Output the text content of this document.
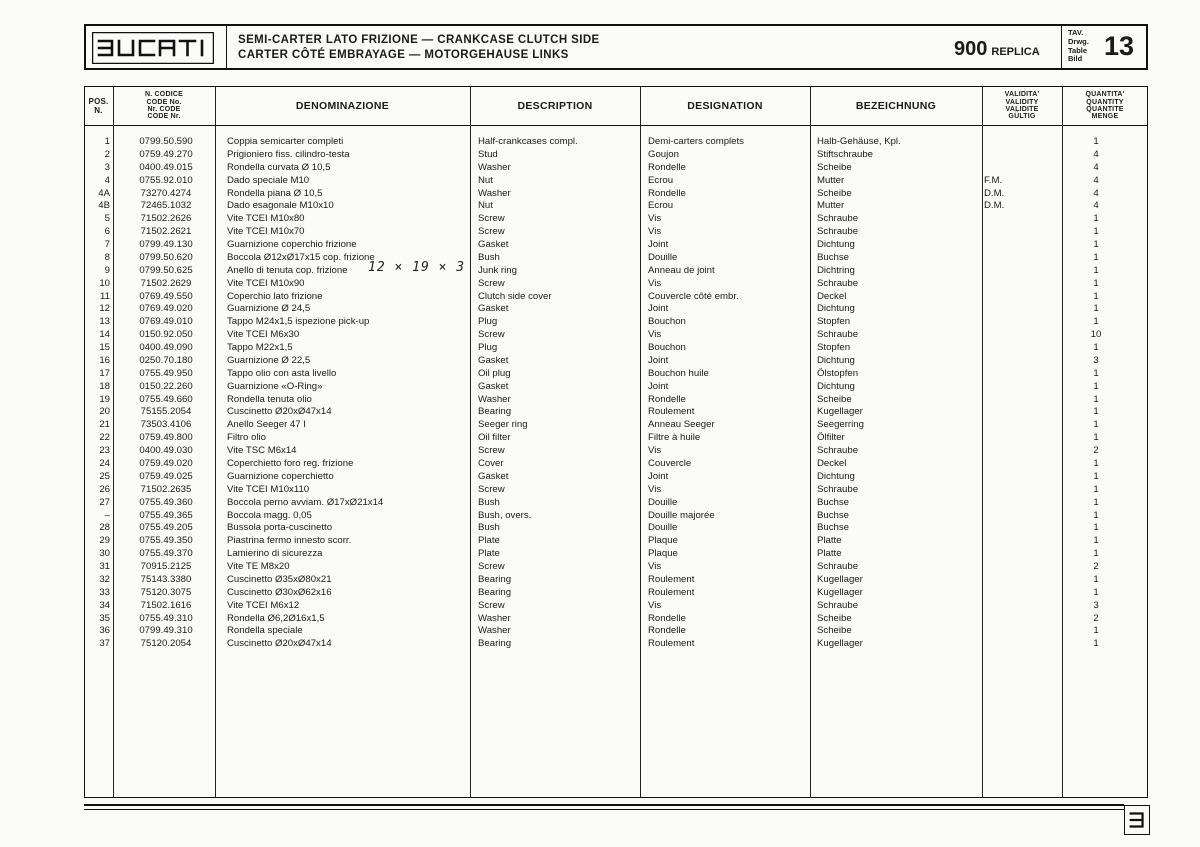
SEMI-CARTER LATO FRIZIONE — CRANKCASE CLUTCH SIDE
CARTER CÔTÉ EMBRAYAGE — MOTORGEHAUSE LINKS	900 REPLICA
TAV.
Drwg.
Table
Bild 13
POS.
N.
N. CODICE
CODE No.
Nr. CODE
CODE Nr.
DENOMINAZIONE	DESCRIPTION	DESIGNATION	BEZEICHNUNG
VALIDITA'
VALIDITY
VALIDITE
GÜLTIG
QUANTITA'
QUANTITY
QUANTITE
MENGE
1	0799.50.590	Coppia semicarter completi	Half-crankcases compl.	Demi-carters complets	Halb-Gehäuse, Kpl.	1
2	0759.49.270	Prigioniero fiss. cilindro-testa	Stud	Goujon	Stiftschraube	4
3	0400.49.015	Rondella curvata Ø 10,5	Washer	Rondelle	Scheibe	4
4	0755.92.010	Dado speciale M10	Nut	Ecrou	Mutter	F.M.	4
4A	73270.4274	Rondella piana Ø 10,5	Washer	Rondelle	Scheibe	D.M.	4
4B	72465.1032	Dado esagonale M10x10	Nut	Ecrou	Mutter	D.M.	4
5	71502.2626	Vite TCEI M10x80	Screw	Vis	Schraube	1
6	71502.2621	Vite TCEI M10x70	Screw	Vis	Schraube	1
7	0799.49.130	Guarnizione coperchio frizione	Gasket	Joint	Dichtung	1
8	0799.50.620	Boccola Ø12xØ17x15 cop. frizione	Bush	Douille	Buchse	1
9	0799.50.625	Anello di tenuta cop. frizione	Junk ring	Anneau de joint	Dichtring	1
10	71502.2629	Vite TCEI M10x90	Screw	Vis	Schraube	1
11	0769.49.550	Coperchio lato frizione	Clutch side cover	Couvercle côté embr.	Deckel	1
12	0769.49.020	Guarnizione Ø 24,5	Gasket	Joint	Dichtung	1
13	0769.49.010	Tappo M24x1,5 ispezione pick-up	Plug	Bouchon	Stopfen	1
14	0150.92.050	Vite TCEI M6x30	Screw	Vis	Schraube	10
15	0400.49.090	Tappo M22x1,5	Plug	Bouchon	Stopfen	1
16	0250.70.180	Guarnizione Ø 22,5	Gasket	Joint	Dichtung	3
17	0755.49.950	Tappo olio con asta livello	Oil plug	Bouchon huile	Ölstopfen	1
18	0150.22.260	Guarnizione «O-Ring»	Gasket	Joint	Dichtung	1
19	0755.49.660	Rondella tenuta olio	Washer	Rondelle	Scheibe	1
20	75155.2054	Cuscinetto Ø20xØ47x14	Bearing	Roulement	Kugellager	1
21	73503.4106	Anello Seeger 47 I	Seeger ring	Anneau Seeger	Seegerring	1
22	0759.49.800	Filtro olio	Oil filter	Filtre à huile	Ölfilter	1
23	0400.49.030	Vite TSC M6x14	Screw	Vis	Schraube	2
24	0759.49.020	Coperchietto foro reg. frizione	Cover	Couvercle	Deckel	1
25	0759.49.025	Guarnizione coperchietto	Gasket	Joint	Dichtung	1
26	71502.2635	Vite TCEI M10x110	Screw	Vis	Schraube	1
27	0755.49.360	Boccola perno avviam. Ø17xØ21x14	Bush	Douille	Buchse	1
–	0755.49.365	Boccola magg. 0,05	Bush, overs.	Douille majorée	Buchse	1
28	0755.49.205	Bussola porta-cuscinetto	Bush	Douille	Buchse	1
29	0755.49.350	Piastrina fermo innesto scorr.	Plate	Plaque	Platte	1
30	0755.49.370	Lamierino di sicurezza	Plate	Plaque	Platte	1
31	70915.2125	Vite TE M8x20	Screw	Vis	Schraube	2
32	75143.3380	Cuscinetto Ø35xØ80x21	Bearing	Roulement	Kugellager	1
33	75120.3075	Cuscinetto Ø30xØ62x16	Bearing	Roulement	Kugellager	1
34	71502.1616	Vite TCEI M6x12	Screw	Vis	Schraube	3
35	0755.49.310	Rondella Ø6,2Ø16x1,5	Washer	Rondelle	Scheibe	2
36	0799.49.310	Rondella speciale	Washer	Rondelle	Scheibe	1
37	75120.2054	Cuscinetto Ø20xØ47x14	Bearing	Roulement	Kugellager	1
12 × 19 × 3
